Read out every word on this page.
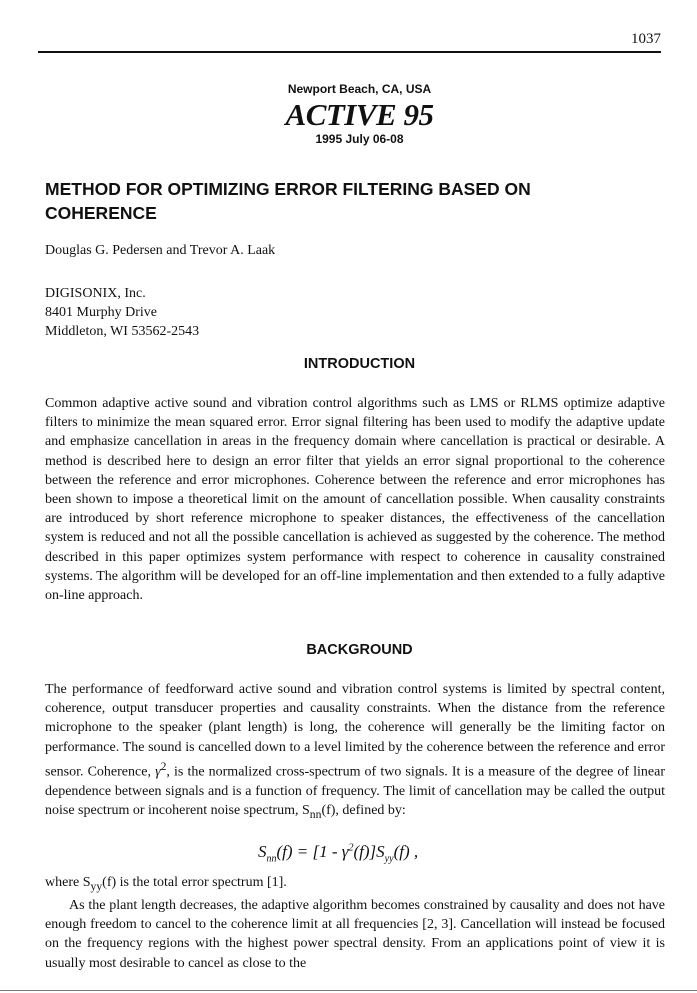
1037
Newport Beach, CA, USA
ACTIVE 95
1995 July 06-08
METHOD FOR OPTIMIZING ERROR FILTERING BASED ON COHERENCE
Douglas G. Pedersen and Trevor A. Laak
DIGISONIX, Inc.
8401 Murphy Drive
Middleton, WI 53562-2543
INTRODUCTION

Common adaptive active sound and vibration control algorithms such as LMS or RLMS optimize adaptive filters to minimize the mean squared error. Error signal filtering has been used to modify the adaptive update and emphasize cancellation in areas in the frequency domain where cancellation is practical or desirable. A method is described here to design an error filter that yields an error signal proportional to the coherence between the reference and error microphones. Coherence between the reference and error microphones has been shown to impose a theoretical limit on the amount of cancellation possible. When causality constraints are introduced by short reference microphone to speaker distances, the effectiveness of the cancellation system is reduced and not all the possible cancellation is achieved as suggested by the coherence. The method described in this paper optimizes system performance with respect to coherence in causality constrained systems. The algorithm will be developed for an off-line implementation and then extended to a fully adaptive on-line approach.

BACKGROUND

The performance of feedforward active sound and vibration control systems is limited by spectral content, coherence, output transducer properties and causality constraints. When the distance from the reference microphone to the speaker (plant length) is long, the coherence will generally be the limiting factor on performance. The sound is cancelled down to a level limited by the coherence between the reference and error sensor. Coherence, $\gamma^2$, is the normalized cross-spectrum of two signals. It is a measure of the degree of linear dependence between signals and is a function of frequency. The limit of cancellation may be called the output noise spectrum or incoherent noise spectrum, $S_{nn}(f)$, defined by:

$S_{nn}(f) = [1 - \gamma^2(f)]S_{yy}(f)$ ,
where $S_{yy}(f)$ is the total error spectrum [1].
As the plant length decreases, the adaptive algorithm becomes constrained by causality and does not have enough freedom to cancel to the coherence limit at all frequencies [2, 3]. Cancellation will instead be focused on the frequency regions with the highest power spectral density. From an applications point of view it is usually most desirable to cancel as close to the
